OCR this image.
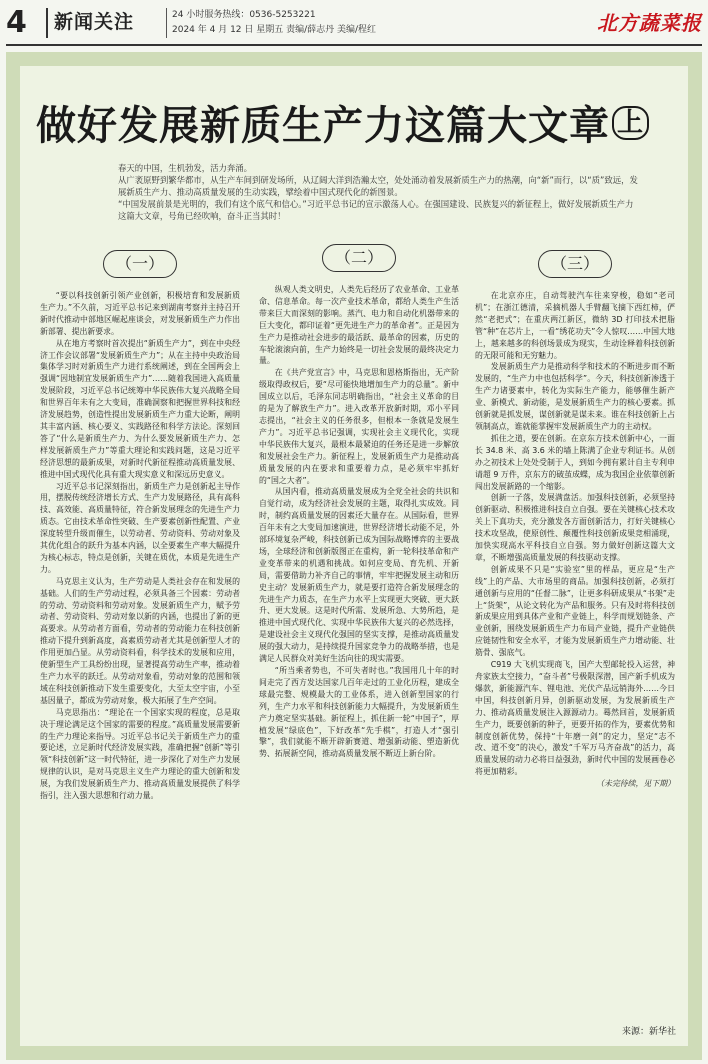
4 新闻关注	24 小时服务热线：0536-5253221
2024 年 4 月 12 日 星期五 责编/薛志丹 美编/程红	北方蔬菜报
做好发展新质生产力这篇大文章 $^上$

春天的中国，生机勃发，活力奔涌。

从广袤原野到繁华都市，从生产车间到研发场所，从辽阔大洋到浩瀚太空，处处涌动着发展新质生产力的热潮，向“新”而行，以“质”致远，发展新质生产力、推动高质量发展的生动实践，擘绘着中国式现代化的新图景。

“中国发展前景是光明的，我们有这个底气和信心。”习近平总书记的宣示激荡人心。在强国建设、民族复兴的新征程上，做好发展新质生产力这篇大文章，号角已经吹响，奋斗正当其时！

（一）

“要以科技创新引领产业创新，积极培育和发展新质生产力。”不久前，习近平总书记来到湖南考察并主持召开新时代推动中部地区崛起座谈会，对发展新质生产力作出新部署、提出新要求。

从在地方考察时首次提出“新质生产力”，到在中央经济工作会议部署“发展新质生产力”；从在主持中央政治局集体学习时对新质生产力进行系统阐述，到在全国两会上强调“因地制宜发展新质生产力”……随着我国进入高质量发展阶段，习近平总书记统筹中华民族伟大复兴战略全局和世界百年未有之大变局，准确洞察和把握世界科技和经济发展趋势，创造性提出发展新质生产力重大论断，阐明其丰富内涵、核心要义、实践路径和科学方法论。深刻回答了“什么是新质生产力、为什么要发展新质生产力、怎样发展新质生产力”等重大理论和实践问题，这是习近平经济思想的最新成果，对新时代新征程推动高质量发展、推进中国式现代化具有重大现实意义和深远历史意义。

习近平总书记深刻指出，新质生产力是创新起主导作用，摆脱传统经济增长方式、生产力发展路径，具有高科技、高效能、高质量特征，符合新发展理念的先进生产力质态。它由技术革命性突破、生产要素创新性配置、产业深度转型升级而催生，以劳动者、劳动资料、劳动对象及其优化组合的跃升为基本内涵，以全要素生产率大幅提升为核心标志，特点是创新，关键在质优，本质是先进生产力。

马克思主义认为，生产劳动是人类社会存在和发展的基础。人们的生产劳动过程，必须具备三个因素：劳动者的劳动、劳动资料和劳动对象。发展新质生产力，赋予劳动者、劳动资料、劳动对象以新的内涵，也提出了新的更高要求。从劳动者方面看，劳动者的劳动能力在科技创新推动下提升到新高度，高素质劳动者尤其是创新型人才的作用更加凸显。从劳动资料看，科学技术的发展和应用，使新型生产工具纷纷出现，显著提高劳动生产率，推动着生产力水平的跃迁。从劳动对象看，劳动对象的范围和领域在科技创新推动下发生重要变化，大至太空宇宙，小至基因量子，都成为劳动对象，极大拓展了生产空间。

马克思指出：“理论在一个国家实现的程度，总是取决于理论满足这个国家的需要的程度。”高质量发展需要新的生产力理论来指导。习近平总书记关于新质生产力的重要论述，立足新时代经济发展实践，准确把握“创新”等引领“科技创新”这一时代特征，进一步深化了对生产力发展规律的认识，是对马克思主义生产力理论的重大创新和发展，为我们发展新质生产力、推动高质量发展提供了科学指引，注入强大思想和行动力量。

（二）

纵观人类文明史，人类先后经历了农业革命、工业革命、信息革命。每一次产业技术革命，都给人类生产生活带来巨大而深刻的影响。蒸汽、电力和自动化机器带来的巨大变化，都印证着“更先进生产力的革命者”。正是因为生产力是推动社会进步的最活跃、最革命的因素，历史的车轮滚滚向前，生产力始终是一切社会发展的最终决定力量。

在《共产党宣言》中，马克思和恩格斯指出，无产阶级取得政权后，要“尽可能快地增加生产力的总量”。新中国成立以后，毛泽东同志明确指出，“社会主义革命的目的是为了解放生产力”。进入改革开放新时期，邓小平同志提出，“社会主义的任务很多，但根本一条就是发展生产力”。习近平总书记强调，实现社会主义现代化，实现中华民族伟大复兴，最根本最紧迫的任务还是进一步解放和发展社会生产力。新征程上，发展新质生产力是推动高质量发展的内在要求和重要着力点，是必须牢牢抓好的“国之大者”。

从国内看，推动高质量发展成为全党全社会的共识和自觉行动，成为经济社会发展的主题，取得扎实成效。同时，制约高质量发展的因素还大量存在。从国际看，世界百年未有之大变局加速演进，世界经济增长动能不足，外部环境复杂严峻，科技创新已成为国际战略博弈的主要战场，全球经济和创新版图正在重构，新一轮科技革命和产业变革带来的机遇和挑战。如何应变局、育先机、开新局，需要借助力补齐自己的事情，牢牢把握发展主动和历史主动？发展新质生产力，就是要打造符合新发展理念的先进生产力质态，在生产力水平上实现更大突破、更大跃升、更大发展。这是时代所需、发展所急、大势所趋，是推进中国式现代化、实现中华民族伟大复兴的必然选择，是建设社会主义现代化强国的坚实支撑，是推动高质量发展的强大动力，是持续提升国家竞争力的战略举措，也是满足人民群众对美好生活向往的现实需要。

“所当乘者势也，不可失者时也。”我国用几十年的时间走完了西方发达国家几百年走过的工业化历程，建成全球最完整、规模最大的工业体系，进入创新型国家的行列，生产力水平和科技创新能力大幅提升，为发展新质生产力奠定坚实基础。新征程上，抓住新一轮“中国子”，厚植发展“绿底色”，下好改革“先手棋”，打造人才“强引擎”，我们就能不断开辟新赛道、增强新动能、塑造新优势、拓展新空间，推动高质量发展不断迈上新台阶。

（三）

在北京亦庄，自动驾驶汽车往来穿梭，稳如“老司机”；在浙江德清，采摘机器人手臂翻飞摘下西红柿，俨然“老把式”；在重庆两江新区，微纳 3D 打印技术把脂管“种”在芯片上，一看“绣花功夫”令人惊叹……中国大地上，越来越多的科创场景成为现实，生动诠释着科技创新的无限可能和无穷魅力。

发展新质生产力是推动科学和技术的不断进步而不断发展的，“生产力中也包括科学”。今天，科技创新渗透于生产力诸要素中，转化为实际生产能力，能够催生新产业、新模式、新动能，是发展新质生产力的核心要素。抓创新就是抓发展，谋创新就是谋未来。谁在科技创新上占领制高点，谁就能掌握牢发展新质生产力的主动权。

抓住之道，要在创新。在京东方技术创新中心，一面长 34.8 米、高 3.6 米的墙上陈满了企业专利证书。从创办之初技术上处处受制于人，到如今拥有累计自主专利申请超 9 万件，京东方的破茧成蝶，成为我国企业依靠创新闯出发展新路的一个缩影。

创新一子落，发展满盘活。加强科技创新，必须坚持创新驱动、积极推进科技自立自强。要在关键核心技术攻关上下真功夫，充分激发各方面创新活力，打好关键核心技术攻坚战，使原创性、颠覆性科技创新成果竞相涌现，加快实现高水平科技自立自强。努力做好创新这篇大文章，不断增强高质量发展的科技驱动支撑。

创新成果不只是“实验室”里的样品，更应是“生产线”上的产品、大市场里的商品。加强科技创新，必须打通创新与应用的“任督二脉”，让更多科研成果从“书架”走上“货架”，从论文转化为产品和服务。只有及时将科技创新成果应用到具体产业和产业链上，科学而规划链条、产业创新，围绕发展新质生产力布局产业链，提升产业链供应链韧性和安全水平，才能为发展新质生产力增动能、壮筋骨、强底气。

C919 大飞机实现商飞，国产大型邮轮投入运营，神舟家族太空接力，“奋斗者”号极限深潜，国产新手机成为爆款，新能源汽车、锂电池、光伏产品远销海外……今日中国，科技创新月异，创新驱动发展，为发展新质生产力、推动高质量发展注入源源动力。蓦然回首，发展新质生产力，既要创新的种子，更要开拓的作为，要素优势和制度创新优势，保持“十年磨一剑”的定力，坚定“志不改、道不变”的决心，激发“千军万马齐奋战”的活力，高质量发展的动力必将日益强劲，新时代中国的发展画卷必将更加精彩。

（未完待续，见下期）

来源：新华社
